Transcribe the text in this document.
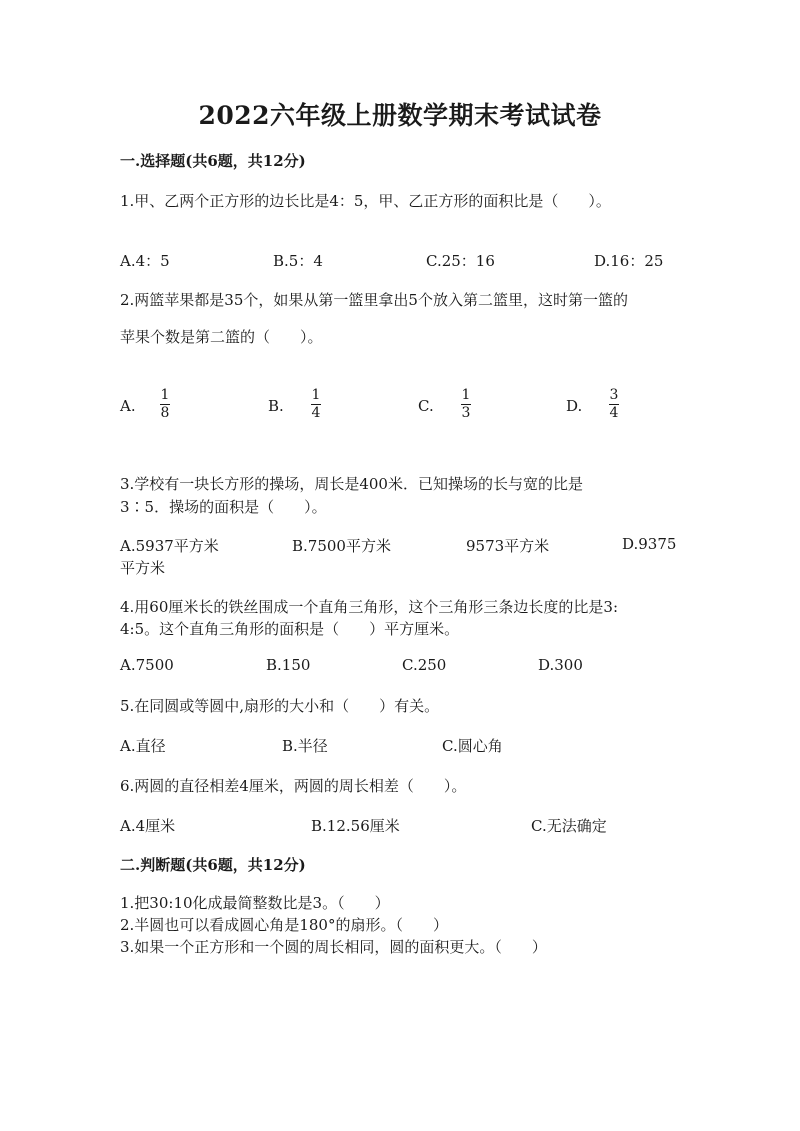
2022六年级上册数学期末考试试卷
一.选择题(共6题，共12分)
1.甲、乙两个正方形的边长比是4：5，甲、乙正方形的面积比是（　　）。
A.4：5	B.5：4	C.25：16	D.16：25
2.两篮苹果都是35个，如果从第一篮里拿出5个放入第二篮里，这时第一篮的
苹果个数是第二篮的（　　）。
A.
1
8	B.
1
4	C.
1
3	D.
3
4
3.学校有一块长方形的操场，周长是400米．已知操场的长与宽的比是
3∶5．操场的面积是（　　）。
A.5937平方米	B.7500平方米	9573平方米	D.9375
平方米
4.用60厘米长的铁丝围成一个直角三角形，这个三角形三条边长度的比是3:
4:5。这个直角三角形的面积是（　　）平方厘米。
A.7500	B.150	C.250	D.300
5.在同圆或等圆中,扇形的大小和（　　）有关。
A.直径	B.半径	C.圆心角
6.两圆的直径相差4厘米，两圆的周长相差（　　）。
A.4厘米	B.12.56厘米	C.无法确定
二.判断题(共6题，共12分)
1.把30:10化成最简整数比是3。（　　）
2.半圆也可以看成圆心角是180°的扇形。（　　）
3.如果一个正方形和一个圆的周长相同，圆的面积更大。（　　）
